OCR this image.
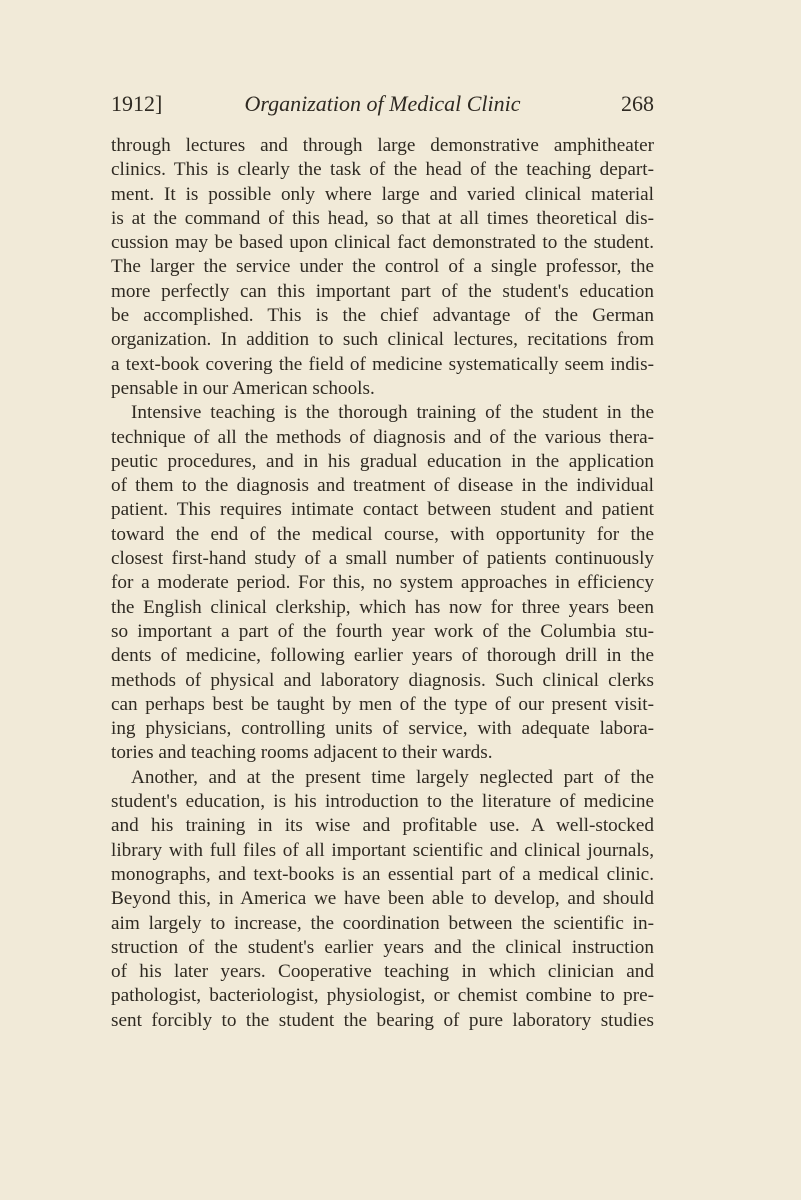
1912]	Organization of Medical Clinic	268
through lectures and through large demonstrative amphitheater
clinics. This is clearly the task of the head of the teaching depart-
ment. It is possible only where large and varied clinical material
is at the command of this head, so that at all times theoretical dis-
cussion may be based upon clinical fact demonstrated to the student.
The larger the service under the control of a single professor, the
more perfectly can this important part of the student's education
be accomplished. This is the chief advantage of the German
organization. In addition to such clinical lectures, recitations from
a text-book covering the field of medicine systematically seem indis-
pensable in our American schools.
Intensive teaching is the thorough training of the student in the
technique of all the methods of diagnosis and of the various thera-
peutic procedures, and in his gradual education in the application
of them to the diagnosis and treatment of disease in the individual
patient. This requires intimate contact between student and patient
toward the end of the medical course, with opportunity for the
closest first-hand study of a small number of patients continuously
for a moderate period. For this, no system approaches in efficiency
the English clinical clerkship, which has now for three years been
so important a part of the fourth year work of the Columbia stu-
dents of medicine, following earlier years of thorough drill in the
methods of physical and laboratory diagnosis. Such clinical clerks
can perhaps best be taught by men of the type of our present visit-
ing physicians, controlling units of service, with adequate labora-
tories and teaching rooms adjacent to their wards.
Another, and at the present time largely neglected part of the
student's education, is his introduction to the literature of medicine
and his training in its wise and profitable use. A well-stocked
library with full files of all important scientific and clinical journals,
monographs, and text-books is an essential part of a medical clinic.
Beyond this, in America we have been able to develop, and should
aim largely to increase, the coordination between the scientific in-
struction of the student's earlier years and the clinical instruction
of his later years. Cooperative teaching in which clinician and
pathologist, bacteriologist, physiologist, or chemist combine to pre-
sent forcibly to the student the bearing of pure laboratory studies
